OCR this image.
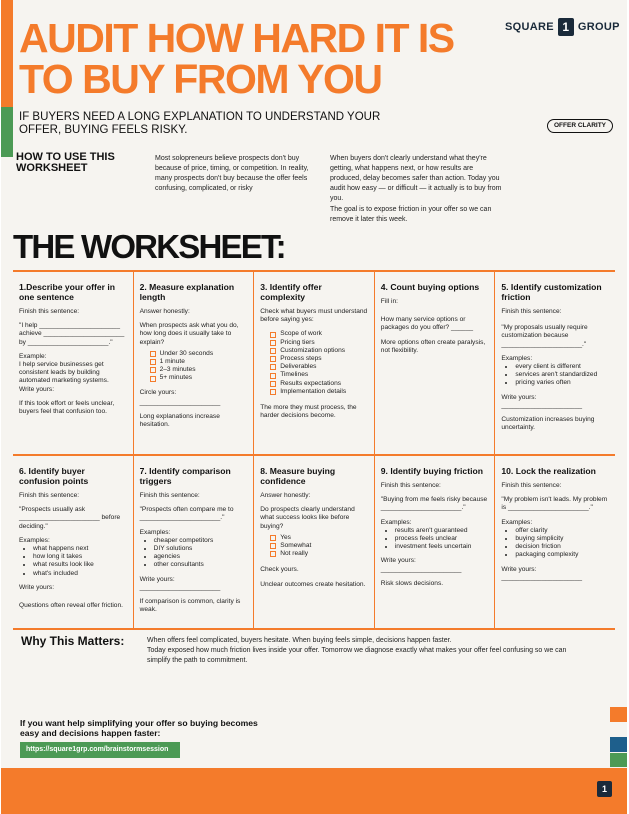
AUDIT HOW HARD IT IS TO BUY FROM YOU
SQUARE 1 GROUP
IF BUYERS NEED A LONG EXPLANATION TO UNDERSTAND YOUR OFFER, BUYING FEELS RISKY.	OFFER CLARITY
HOW TO USE THIS WORKSHEET
Most solopreneurs believe prospects don't buy because of price, timing, or competition. In reality, many prospects don't buy because the offer feels confusing, complicated, or risky

When buyers don't clearly understand what they're getting, what happens next, or how results are produced, delay becomes safer than action. Today you audit how easy — or difficult — it actually is to buy from you.

The goal is to expose friction in your offer so we can remove it later this week.

THE WORKSHEET:
1.Describe your offer in one sentence

Finish this sentence:

"I help ______________________ achieve ______________________ by ______________________."

Example:

I help service businesses get consistent leads by building automated marketing systems.

Write yours:

If this took effort or feels unclear, buyers feel that confusion too.

2. Measure explanation length

Answer honestly:

When prospects ask what you do, how long does it usually take to explain?

Under 30 seconds
1 minute
2–3 minutes
5+ minutes

Circle yours:

______________________

Long explanations increase hesitation.

3. Identify offer complexity

Check what buyers must understand before saying yes:

Scope of work
Pricing tiers
Customization options
Process steps
Deliverables
Timelines
Results expectations
Implementation details

The more they must process, the harder decisions become.

4. Count buying options

Fill in:

How many service options or packages do you offer? ______

More options often create paralysis, not flexibility.

5. Identify customization friction

Finish this sentence:

"My proposals usually require customization because ______________________."

Examples:

• every client is different
• services aren't standardized
• pricing varies often

Write yours:

______________________

Customization increases buying uncertainty.

6. Identify buyer confusion points

Finish this sentence:

"Prospects usually ask ______________________ before deciding."

Examples:

• what happens next
• how long it takes
• what results look like
• what's included

Write yours:

Questions often reveal offer friction.

7. Identify comparison triggers

Finish this sentence:

"Prospects often compare me to ______________________."

Examples:

• cheaper competitors
• DIY solutions
• agencies
• other consultants

Write yours:

______________________

If comparison is common, clarity is weak.

8. Measure buying confidence

Answer honestly:

Do prospects clearly understand what success looks like before buying?

Yes
Somewhat
Not really

Check yours.

Unclear outcomes create hesitation.

9. Identify buying friction

Finish this sentence:

"Buying from me feels risky because ______________________."

Examples:

• results aren't guaranteed
• process feels unclear
• investment feels uncertain

Write yours:

______________________

Risk slows decisions.

10. Lock the realization

Finish this sentence:

"My problem isn't leads. My problem is ______________________."

Examples:

• offer clarity
• buying simplicity
• decision friction
• packaging complexity

Write yours:

______________________

Why This Matters:	When offers feel complicated, buyers hesitate. When buying feels simple, decisions happen faster.

Today exposed how much friction lives inside your offer. Tomorrow we diagnose exactly what makes your offer feel confusing so we can simplify the path to commitment.

If you want help simplifying your offer so buying becomes easy and decisions happen faster:
https://square1grp.com/brainstormsession
1
